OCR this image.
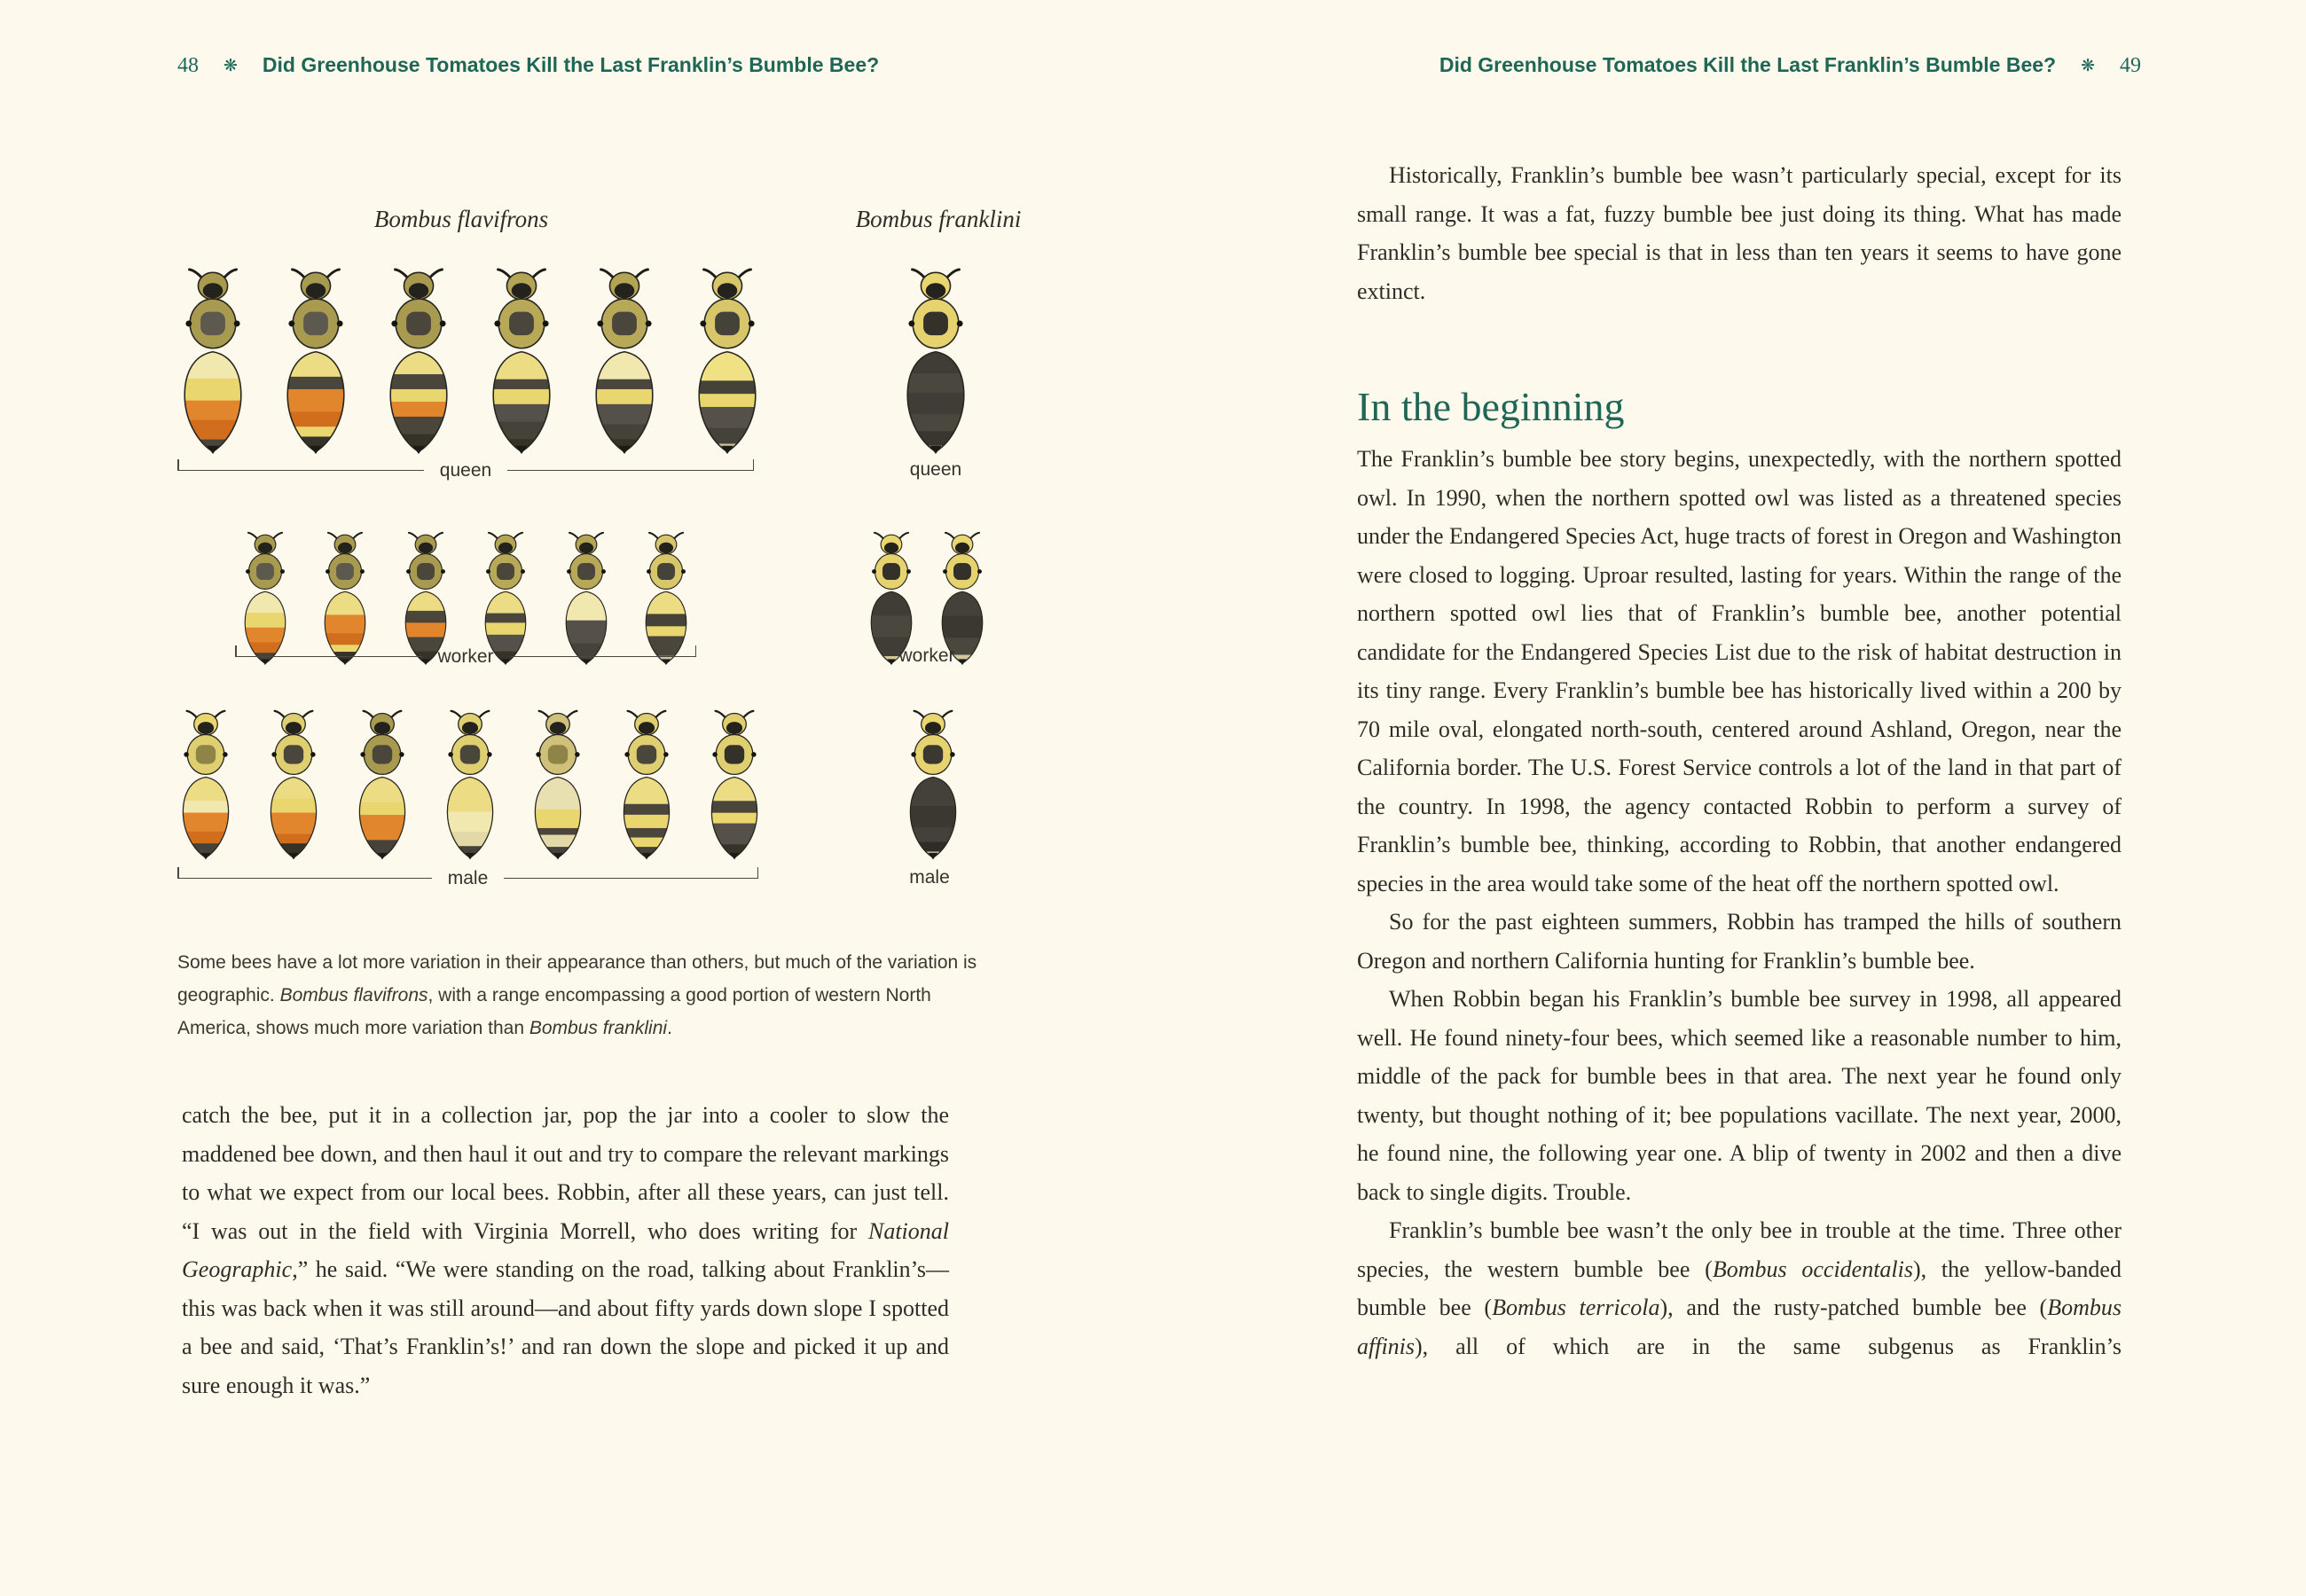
48 ❋ Did Greenhouse Tomatoes Kill the Last Franklin’s Bumble Bee?	Did Greenhouse Tomatoes Kill the Last Franklin’s Bumble Bee? ❋ 49
Bombus flavifrons	Bombus franklini
queen	queen
worker	worker
male	male

Some bees have a lot more variation in their appearance than others, but much of the variation is geographic. Bombus flavifrons, with a range encompassing a good portion of western North America, shows much more variation than Bombus franklini.

catch the bee, put it in a collection jar, pop the jar into a cooler to slow the maddened bee down, and then haul it out and try to compare the relevant markings to what we expect from our local bees. Robbin, after all these years, can just tell. “I was out in the field with Virginia Morrell, who does writing for National Geographic,” he said. “We were standing on the road, talking about Franklin’s—this was back when it was still around—and about fifty yards down slope I spotted a bee and said, ‘That’s Franklin’s!’ and ran down the slope and picked it up and sure enough it was.”

Historically, Franklin’s bumble bee wasn’t particularly special, except for its small range. It was a fat, fuzzy bumble bee just doing its thing. What has made Franklin’s bumble bee special is that in less than ten years it seems to have gone extinct.

In the beginning

The Franklin’s bumble bee story begins, unexpectedly, with the northern spotted owl. In 1990, when the northern spotted owl was listed as a threatened species under the Endangered Species Act, huge tracts of forest in Oregon and Washington were closed to logging. Uproar resulted, lasting for years. Within the range of the northern spotted owl lies that of Franklin’s bumble bee, another potential candidate for the Endangered Species List due to the risk of habitat destruction in its tiny range. Every Franklin’s bumble bee has historically lived within a 200 by 70 mile oval, elongated north-south, centered around Ashland, Oregon, near the California border. The U.S. Forest Service controls a lot of the land in that part of the country. In 1998, the agency contacted Robbin to perform a survey of Franklin’s bumble bee, thinking, according to Robbin, that another endangered species in the area would take some of the heat off the northern spotted owl.

So for the past eighteen summers, Robbin has tramped the hills of southern Oregon and northern California hunting for Franklin’s bumble bee.

When Robbin began his Franklin’s bumble bee survey in 1998, all appeared well. He found ninety-four bees, which seemed like a reasonable number to him, middle of the pack for bumble bees in that area. The next year he found only twenty, but thought nothing of it; bee populations vacillate. The next year, 2000, he found nine, the following year one. A blip of twenty in 2002 and then a dive back to single digits. Trouble.

Franklin’s bumble bee wasn’t the only bee in trouble at the time. Three other species, the western bumble bee (Bombus occidentalis), the yellow-banded bumble bee (Bombus terricola), and the rusty-patched bumble bee (Bombus affinis), all of which are in the same subgenus as Franklin’s
